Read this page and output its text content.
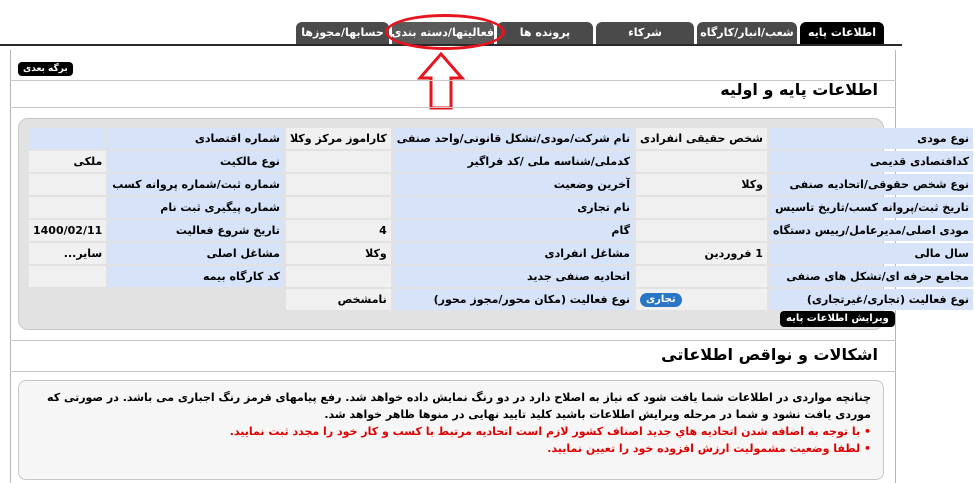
اطلاعات پایه
شعب/انبار/کارگاه
شرکاء
پرونده ها
فعالیتها/دسته بندی
حسابها/مجوزها
برگه بعدی
اطلاعات پایه و اولیه
نوع مودی	شخص حقیقی انفرادی	نام شرکت/مودی/تشکل قانونی/واحد صنفی	کاراموز مرکز وکلا	شماره اقتصادی	
کدافتصادی قدیمی		کدملی/شناسه ملی /کد فراگیر		نوع مالکیت	ملکی
نوع شخص حقوقی/اتحادیه صنفی	وکلا	آخرین وضعیت		شماره ثبت/شماره پروانه کسب	
تاریخ ثبت/پروانه کسب/تاریخ تاسیس		نام تجاری		شماره پیگیری ثبت نام	
مودی اصلی/مدیرعامل/رییس دستگاه		گام	4	تاریخ شروع فعالیت	1400/02/11
سال مالی	1 فروردین	مشاغل انفرادی	وکلا	مشاغل اصلی	سایر...
مجامع حرفه ای/تشکل های صنفی		اتحادیه صنفی جدید		کد کارگاه بیمه	
نوع فعالیت (تجاری/غیرتجاری)	تجاری	نوع فعالیت (مکان محور/مجوز محور)	نامشخص		
ویرایش اطلاعات پایه
اشکالات و نواقص اطلاعاتی
چنانچه مواردی در اطلاعات شما یافت شود که نیاز به اصلاح دارد در دو رنگ نمایش داده خواهد شد. رفع پیامهای قرمز رنگ اجباری می باشد. در صورتی که موردی یافت نشود و شما در مرحله ویرایش اطلاعات باشید کلید تایید نهایی در منوها ظاهر خواهد شد.
• با توجه به اضافه شدن اتحادیه هاي جدید اصناف کشور لازم است اتحادیه مرتبط با کسب و کار خود را مجدد ثبت نمایید.
• لطفا وضعیت مشمولیت ارزش افزوده خود را تعیین نمایید.
